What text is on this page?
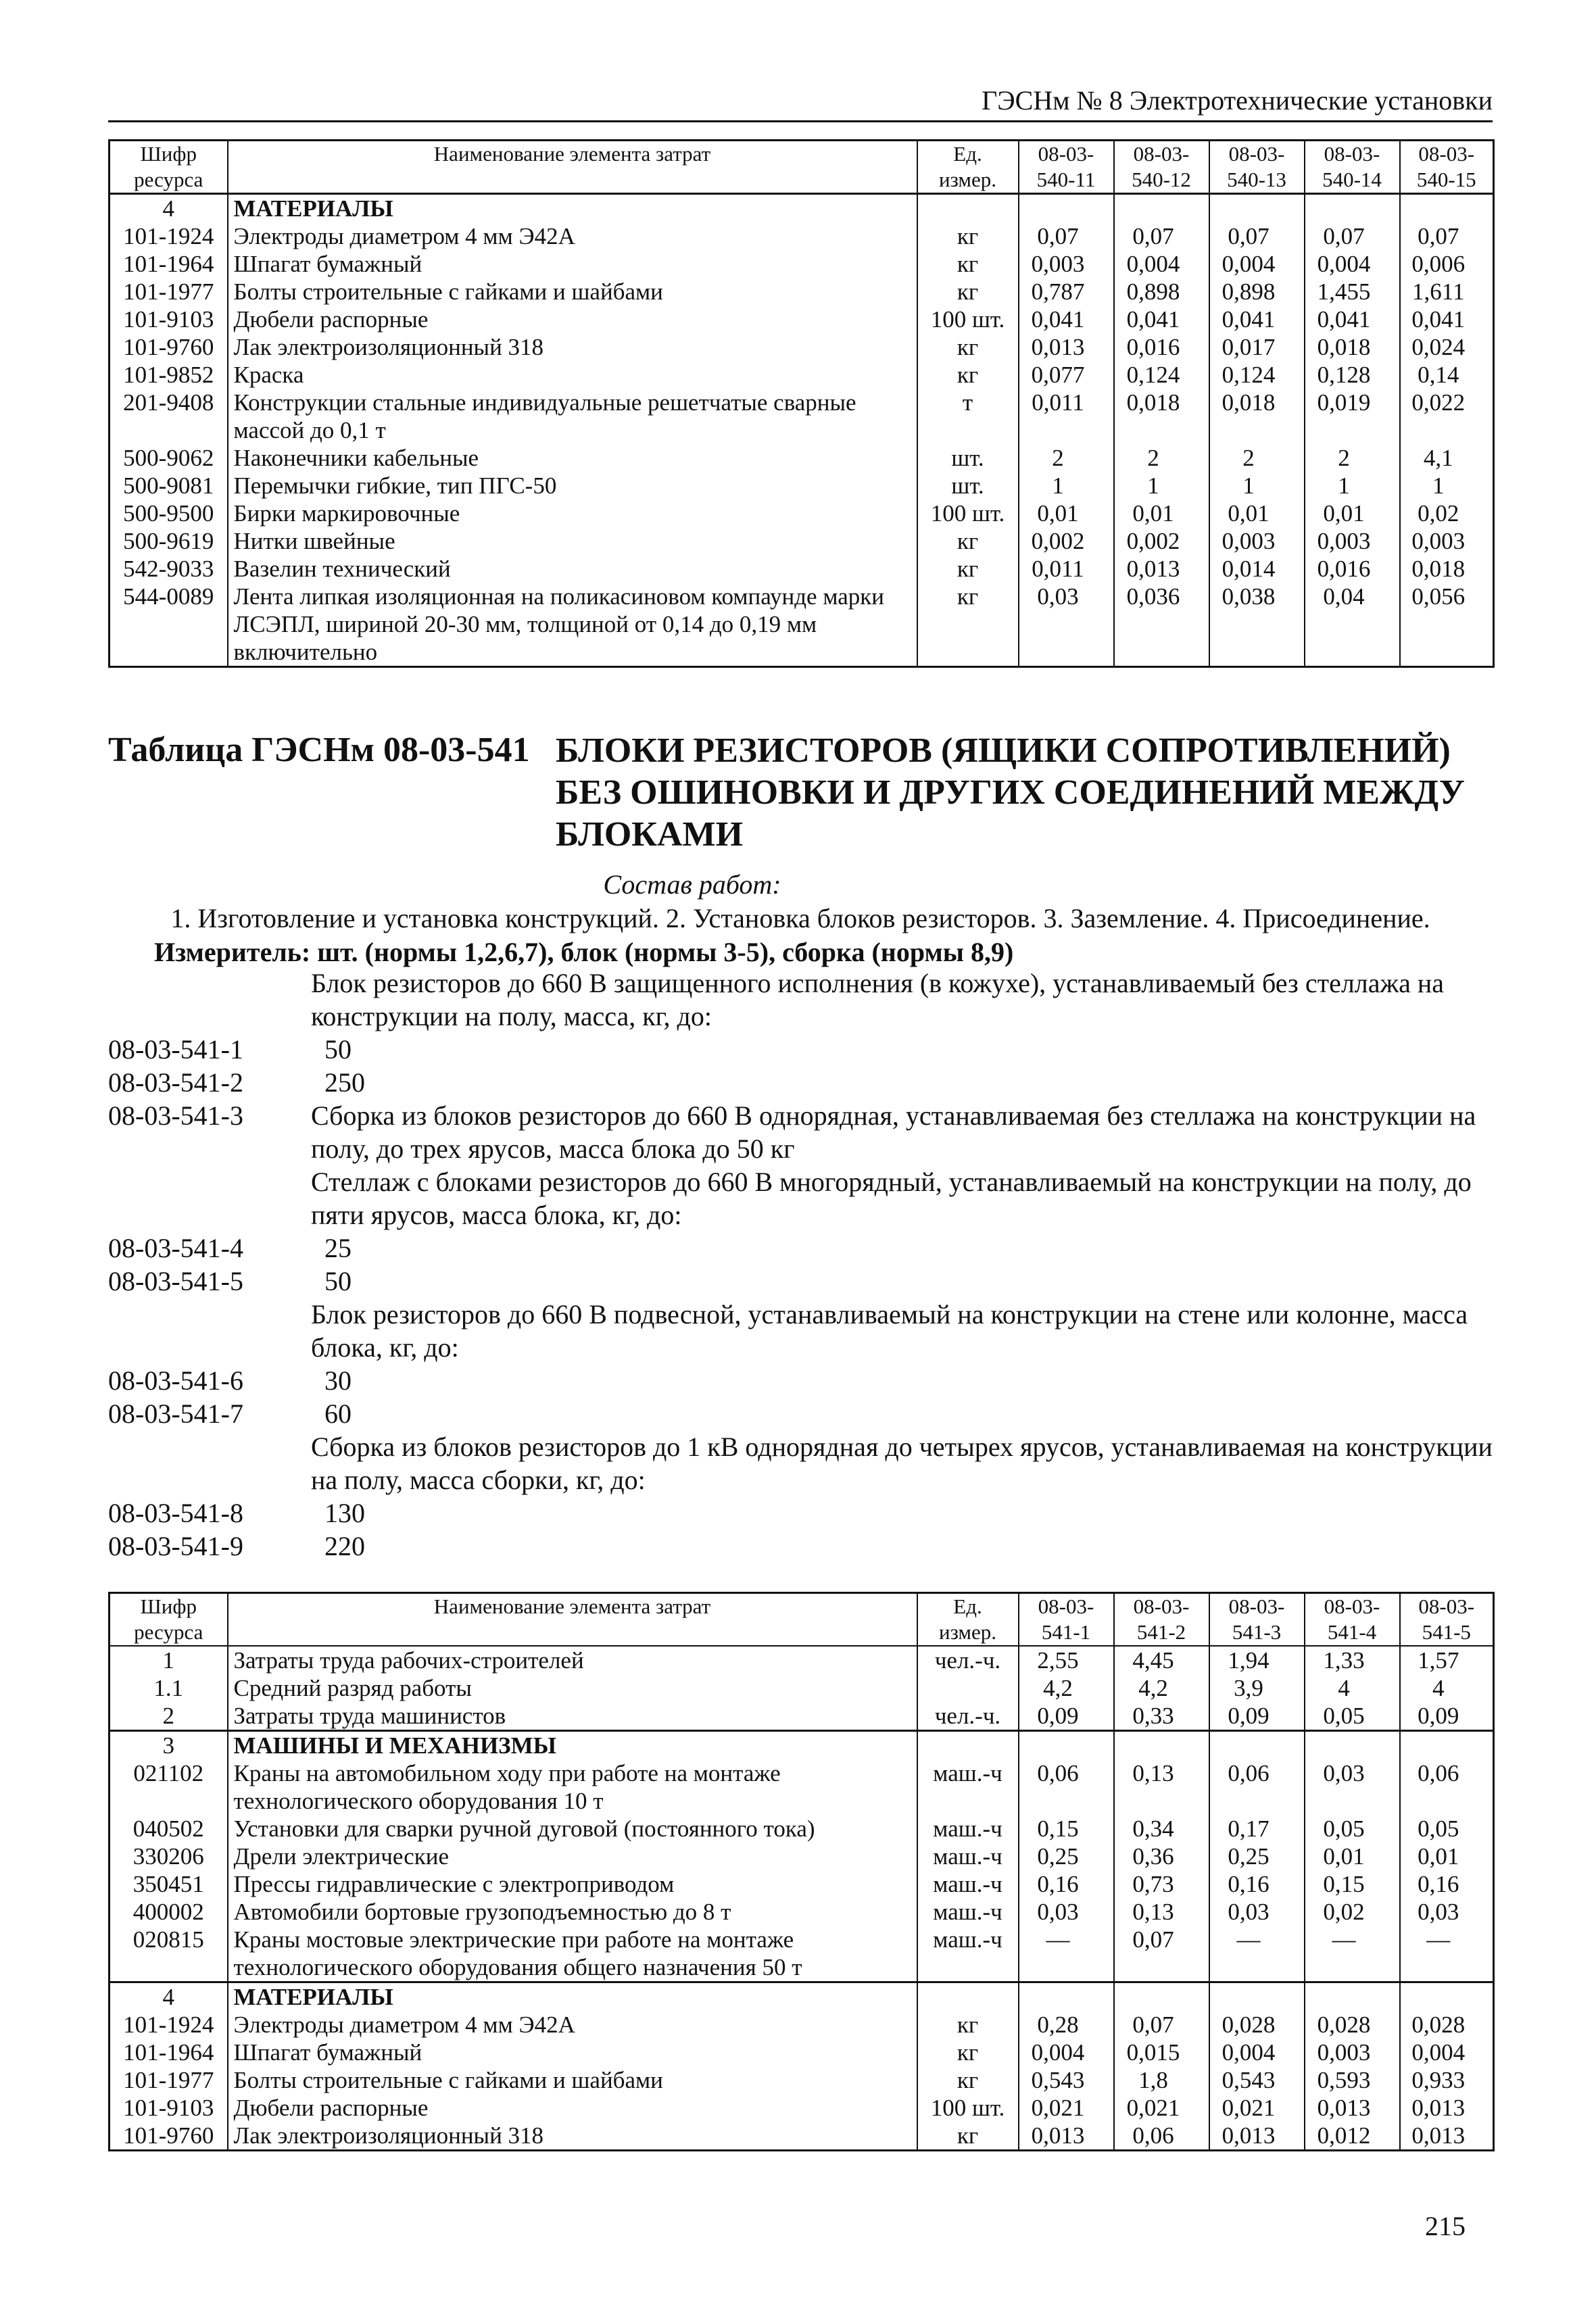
ГЭСНм № 8 Электротехнические установки
Шифр ресурса	Наименование элемента затрат	Ед. измер.	08-03-540-11	08-03-540-12	08-03-540-13	08-03-540-14	08-03-540-15
4	МАТЕРИАЛЫ						
101-1924	Электроды диаметром 4 мм Э42А	кг	0,07	0,07	0,07	0,07	0,07
101-1964	Шпагат бумажный	кг	0,003	0,004	0,004	0,004	0,006
101-1977	Болты строительные с гайками и шайбами	кг	0,787	0,898	0,898	1,455	1,611
101-9103	Дюбели распорные	100 шт.	0,041	0,041	0,041	0,041	0,041
101-9760	Лак электроизоляционный 318	кг	0,013	0,016	0,017	0,018	0,024
101-9852	Краска	кг	0,077	0,124	0,124	0,128	0,14
201-9408	Конструкции стальные индивидуальные решетчатые сварные массой до 0,1 т	т	0,011	0,018	0,018	0,019	0,022
500-9062	Наконечники кабельные	шт.	2	2	2	2	4,1
500-9081	Перемычки гибкие, тип ПГС-50	шт.	1	1	1	1	1
500-9500	Бирки маркировочные	100 шт.	0,01	0,01	0,01	0,01	0,02
500-9619	Нитки швейные	кг	0,002	0,002	0,003	0,003	0,003
542-9033	Вазелин технический	кг	0,011	0,013	0,014	0,016	0,018
544-0089	Лента липкая изоляционная на поликасиновом компаунде марки ЛСЭПЛ, шириной 20-30 мм, толщиной от 0,14 до 0,19 мм включительно	кг	0,03	0,036	0,038	0,04	0,056
Таблица ГЭСНм 08-03-541 БЛОКИ РЕЗИСТОРОВ (ЯЩИКИ СОПРОТИВЛЕНИЙ) БЕЗ ОШИНОВКИ И ДРУГИХ СОЕДИНЕНИЙ МЕЖДУ БЛОКАМИ
Состав работ:
1. Изготовление и установка конструкций. 2. Установка блоков резисторов. 3. Заземление. 4. Присоединение.
Измеритель: шт. (нормы 1,2,6,7), блок (нормы 3-5), сборка (нормы 8,9)
Блок резисторов до 660 В защищенного исполнения (в кожухе), устанавливаемый без стеллажа на конструкции на полу, масса, кг, до:
08-03-541-1	50
08-03-541-2	250
08-03-541-3	Сборка из блоков резисторов до 660 В однорядная, устанавливаемая без стеллажа на конструкции на полу, до трех ярусов, масса блока до 50 кг
Стеллаж с блоками резисторов до 660 В многорядный, устанавливаемый на конструкции на полу, до пяти ярусов, масса блока, кг, до:
08-03-541-4	25
08-03-541-5	50
Блок резисторов до 660 В подвесной, устанавливаемый на конструкции на стене или колонне, масса блока, кг, до:
08-03-541-6	30
08-03-541-7	60
Сборка из блоков резисторов до 1 кВ однорядная до четырех ярусов, устанавливаемая на конструкции на полу, масса сборки, кг, до:
08-03-541-8	130
08-03-541-9	220
Шифр ресурса	Наименование элемента затрат	Ед. измер.	08-03-541-1	08-03-541-2	08-03-541-3	08-03-541-4	08-03-541-5
1	Затраты труда рабочих-строителей	чел.-ч.	2,55	4,45	1,94	1,33	1,57
1.1	Средний разряд работы		4,2	4,2	3,9	4	4
2	Затраты труда машинистов	чел.-ч.	0,09	0,33	0,09	0,05	0,09
3	МАШИНЫ И МЕХАНИЗМЫ						
021102	Краны на автомобильном ходу при работе на монтаже технологического оборудования 10 т	маш.-ч	0,06	0,13	0,06	0,03	0,06
040502	Установки для сварки ручной дуговой (постоянного тока)	маш.-ч	0,15	0,34	0,17	0,05	0,05
330206	Дрели электрические	маш.-ч	0,25	0,36	0,25	0,01	0,01
350451	Прессы гидравлические с электроприводом	маш.-ч	0,16	0,73	0,16	0,15	0,16
400002	Автомобили бортовые грузоподъемностью до 8 т	маш.-ч	0,03	0,13	0,03	0,02	0,03
020815	Краны мостовые электрические при работе на монтаже технологического оборудования общего назначения 50 т	маш.-ч	—	0,07	—	—	—
4	МАТЕРИАЛЫ						
101-1924	Электроды диаметром 4 мм Э42А	кг	0,28	0,07	0,028	0,028	0,028
101-1964	Шпагат бумажный	кг	0,004	0,015	0,004	0,003	0,004
101-1977	Болты строительные с гайками и шайбами	кг	0,543	1,8	0,543	0,593	0,933
101-9103	Дюбели распорные	100 шт.	0,021	0,021	0,021	0,013	0,013
101-9760	Лак электроизоляционный 318	кг	0,013	0,06	0,013	0,012	0,013
215
